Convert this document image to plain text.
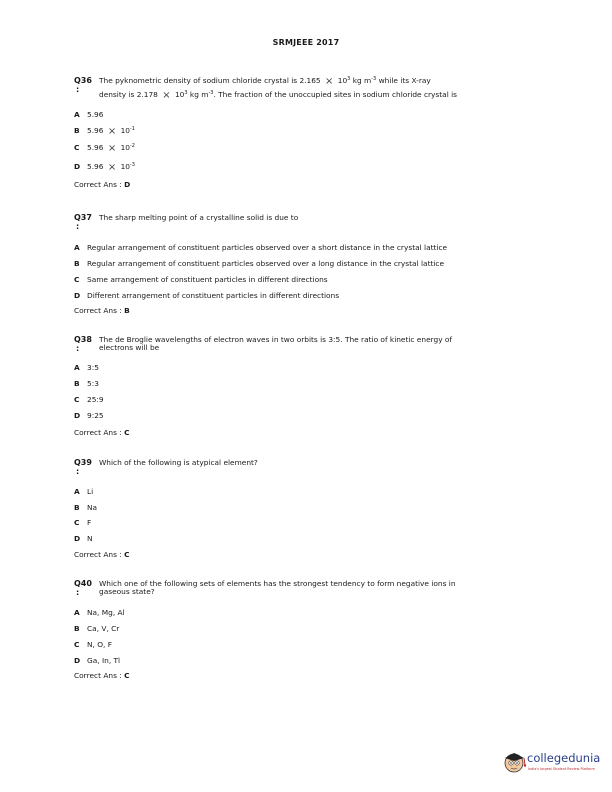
SRMJEEE 2017
Q36
:
The pyknometric density of sodium chloride crystal is $2.165 \times 10^3$ kg $m^{-3}$ while its X-ray
density is $2.178 \times 10^3$ kg $m^{-3}$. The fraction of the unoccupied sites in sodium chloride crystal is
A 5.96
B $5.96 \times 10^{-1}$
C $5.96 \times 10^{-2}$
D $5.96 \times 10^{-3}$
Correct Ans : D
Q37
:
The sharp melting point of a crystalline solid is due to
A Regular arrangement of constituent particles observed over a short distance in the crystal lattice
B Regular arrangement of constituent particles observed over a long distance in the crystal lattice
C Same arrangement of constituent particles in different directions
D Different arrangement of constituent particles in different directions
Correct Ans : B
Q38
:
The de Broglie wavelengths of electron waves in two orbits is 3:5. The ratio of kinetic energy of
electrons will be
A 3:5
B 5:3
C 25:9
D 9:25
Correct Ans : C
Q39
:
Which of the following is atypical element?
A Li
B Na
C F
D N
Correct Ans : C
Q40
:
Which one of the following sets of elements has the strongest tendency to form negative ions in
gaseous state?
A Na, Mg, Al
B Ca, V, Cr
C N, O, F
D Ga, In, Tl
Correct Ans : C
collegedunia
India's largest Student Review Platform
